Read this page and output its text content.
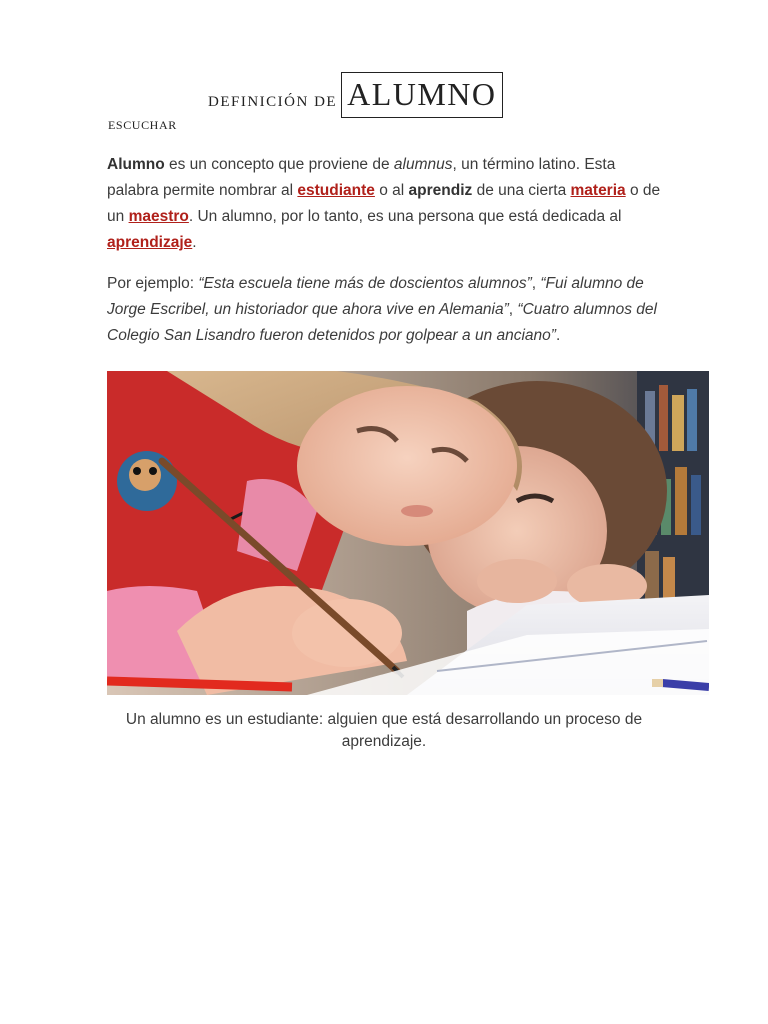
DEFINICIÓN DE ALUMNO
ESCUCHAR

Alumno es un concepto que proviene de alumnus, un término latino. Esta palabra permite nombrar al estudiante o al aprendiz de una cierta materia o de un maestro. Un alumno, por lo tanto, es una persona que está dedicada al aprendizaje.

Por ejemplo: “Esta escuela tiene más de doscientos alumnos”, “Fui alumno de Jorge Escribel, un historiador que ahora vive en Alemania”, “Cuatro alumnos del Colegio San Lisandro fueron detenidos por golpear a un anciano”.

Un alumno es un estudiante: alguien que está desarrollando un proceso de aprendizaje.
